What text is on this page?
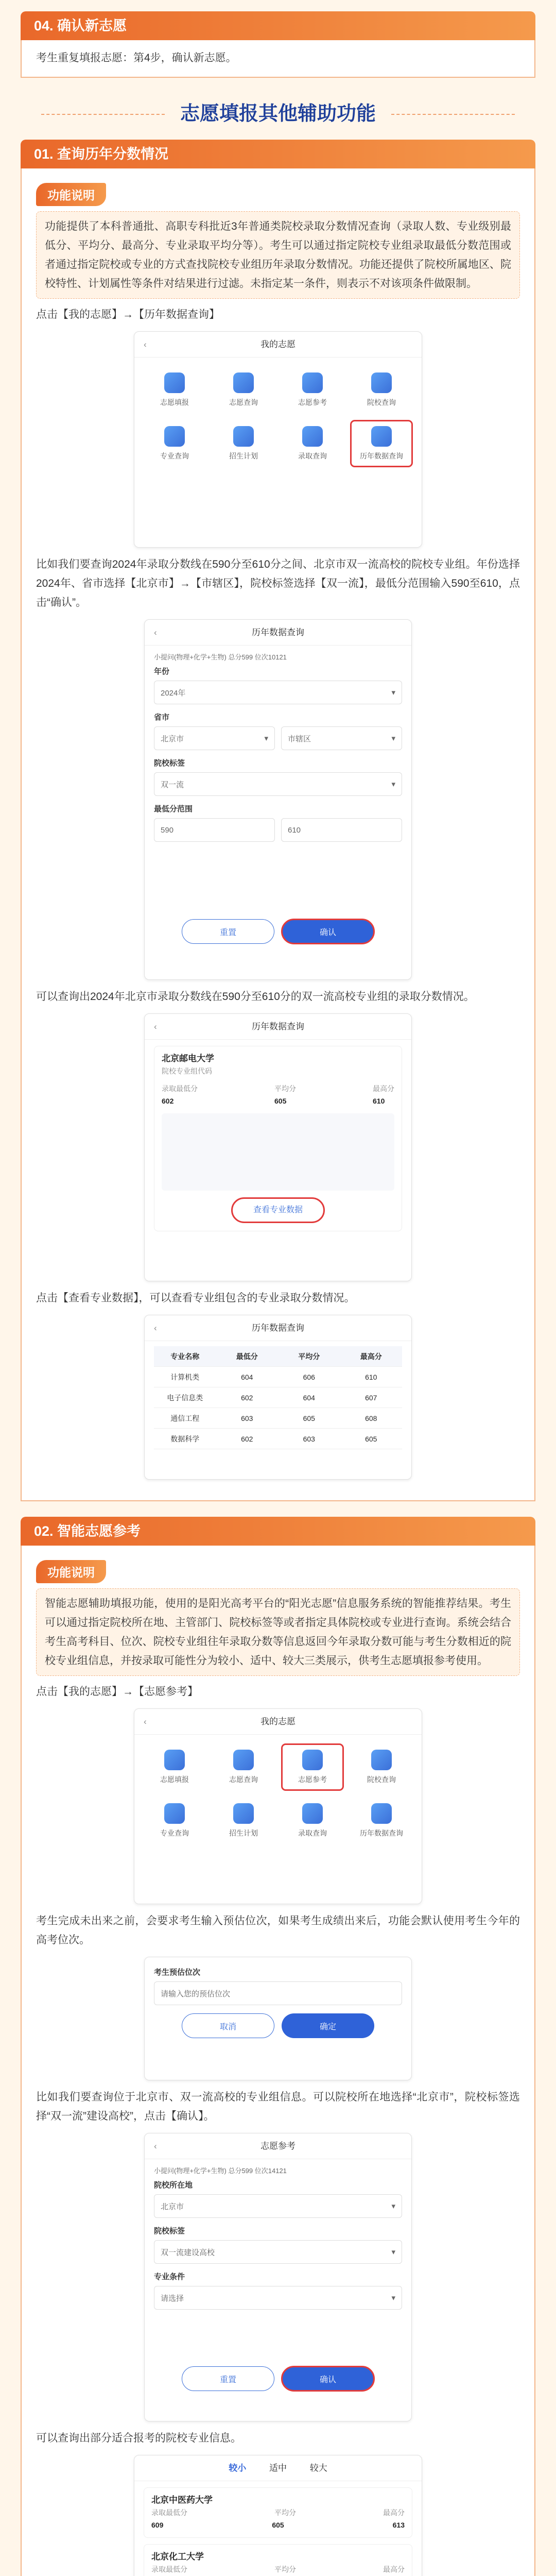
04. 确认新志愿

考生重复填报志愿：第4步，确认新志愿。

志愿填报其他辅助功能
01. 查询历年分数情况
功能说明

功能提供了本科普通批、高职专科批近3年普通类院校录取分数情况查询（录取人数、专业级别最低分、平均分、最高分、专业录取平均分等）。考生可以通过指定院校专业组录取最低分数范围或者通过指定院校或专业的方式查找院校专业组历年录取分数情况。功能还提供了院校所属地区、院校特性、计划属性等条件对结果进行过滤。未指定某一条件，则表示不对该项条件做限制。

点击【我的志愿】→【历年数据查询】

‹	我的志愿
志愿填报	志愿查询	志愿参考	院校查询
专业查询	招生计划	录取查询	历年数据查询

比如我们要查询2024年录取分数线在590分至610分之间、北京市双一流高校的院校专业组。年份选择2024年、省市选择【北京市】→【市辖区】，院校标签选择【双一流】，最低分范围输入590至610，点击“确认”。

‹	历年数据查询
小提问(物理+化学+生物) 总分599 位次10121
年份
2024年	▾
省市
北京市	▾	市辖区	▾
院校标签
双一流	▾
最低分范围
590	610
重置	确认

可以查询出2024年北京市录取分数线在590分至610分的双一流高校专业组的录取分数情况。

‹	历年数据查询
北京邮电大学
院校专业组代码
录取最低分
602
平均分
605
最高分
610
查看专业数据

点击【查看专业数据】，可以查看专业组包含的专业录取分数情况。

‹	历年数据查询
专业名称	最低分	平均分	最高分
计算机类	604	606	610
电子信息类	602	604	607
通信工程	603	605	608
数据科学	602	603	605
02. 智能志愿参考
功能说明

智能志愿辅助填报功能，使用的是阳光高考平台的“阳光志愿”信息服务系统的智能推荐结果。考生可以通过指定院校所在地、主管部门、院校标签等或者指定具体院校或专业进行查询。系统会结合考生高考科目、位次、院校专业组往年录取分数等信息返回今年录取分数可能与考生分数相近的院校专业组信息，并按录取可能性分为较小、适中、较大三类展示，供考生志愿填报参考使用。

点击【我的志愿】→【志愿参考】

‹	我的志愿
志愿填报	志愿查询	志愿参考	院校查询
专业查询	招生计划	录取查询	历年数据查询

考生完成未出来之前，会要求考生输入预估位次，如果考生成绩出来后，功能会默认使用考生今年的高考位次。

考生预估位次
请输入您的预估位次
取消	确定

比如我们要查询位于北京市、双一流高校的专业组信息。可以院校所在地选择“北京市”，院校标签选择“双一流”建设高校”，点击【确认】。

‹	志愿参考
小提问(物理+化学+生物) 总分599 位次14121
院校所在地
北京市	▾
院校标签
双一流建设高校	▾
专业条件
请选择	▾
重置	确认

可以查询出部分适合报考的院校专业信息。

较小	适中	较大
北京中医药大学
录取最低分	平均分	最高分
609	605	613
北京化工大学
录取最低分	平均分	最高分
